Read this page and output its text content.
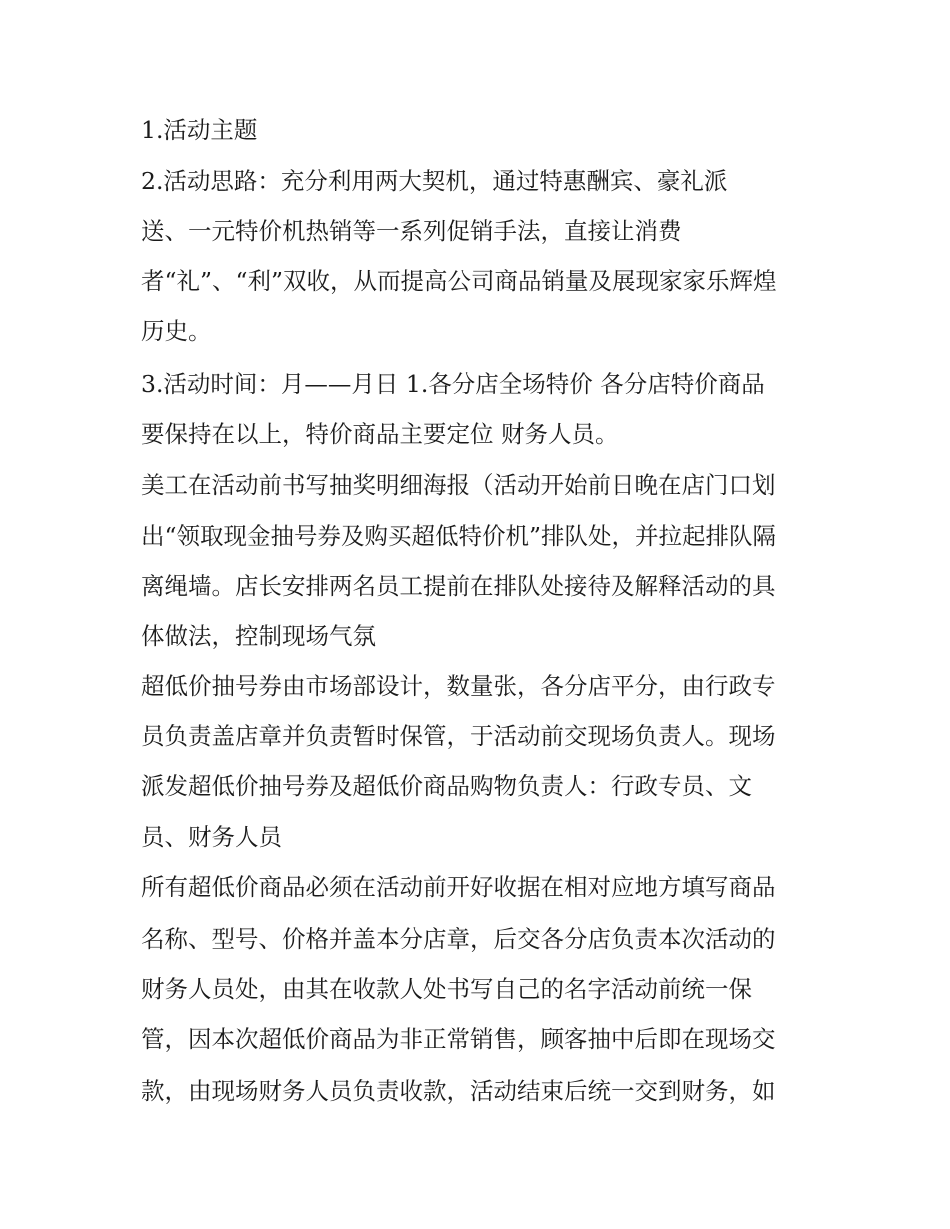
1.活动主题
2.活动思路：充分利用两大契机，通过特惠酬宾、豪礼派
送、一元特价机热销等一系列促销手法，直接让消费
者“礼”、“利”双收，从而提高公司商品销量及展现家家乐辉煌
历史。
3.活动时间：月——月日 1.各分店全场特价 各分店特价商品
要保持在以上，特价商品主要定位 财务人员。
美工在活动前书写抽奖明细海报（活动开始前日晚在店门口划
出“领取现金抽号券及购买超低特价机”排队处，并拉起排队隔
离绳墙。店长安排两名员工提前在排队处接待及解释活动的具
体做法，控制现场气氛
超低价抽号券由市场部设计，数量张，各分店平分，由行政专
员负责盖店章并负责暂时保管，于活动前交现场负责人。现场
派发超低价抽号券及超低价商品购物负责人：行政专员、文
员、财务人员
所有超低价商品必须在活动前开好收据在相对应地方填写商品
名称、型号、价格并盖本分店章，后交各分店负责本次活动的
财务人员处，由其在收款人处书写自己的名字活动前统一保
管，因本次超低价商品为非正常销售，顾客抽中后即在现场交
款，由现场财务人员负责收款，活动结束后统一交到财务，如
